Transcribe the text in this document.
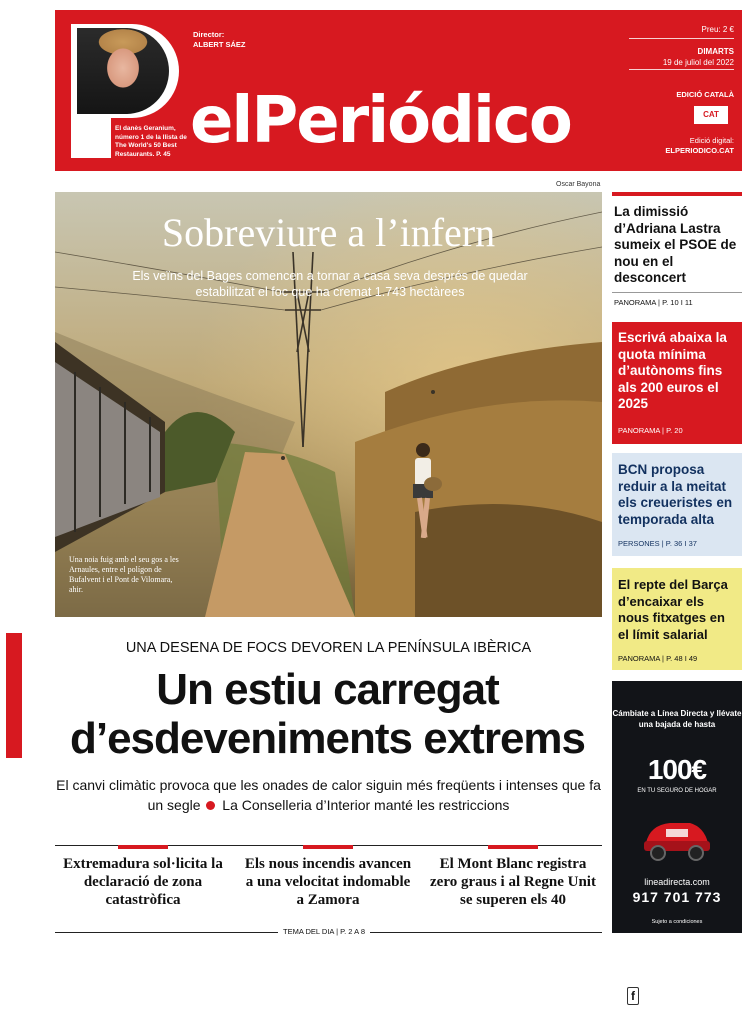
El danès Geranium, número 1 de la llista de The World's 50 Best Restaurants. P. 45
Director:
ALBERT SÁEZ
elPeriódico
Preu: 2 €
DIMARTS
19 de juliol del 2022
EDICIÓ CATALÀ
CAT
Edició digital:
ELPERIODICO.CAT
Oscar Bayona
Sobreviure a l’infern
Els veïns del Bages comencen a tornar a casa seva després de quedar estabilitzat el foc que ha cremat 1.743 hectàrees
Una noia fuig amb el seu gos a les Arnaules, entre el polígon de Bufalvent i el Pont de Vilomara, ahir.
La dimissió d’Adriana Lastra sumeix el PSOE de nou en el desconcert
PANORAMA | P. 10 I 11
Escrivá abaixa la quota mínima d’autònoms fins als 200 euros el 2025
PANORAMA | P. 20
BCN proposa reduir a la meitat els creueristes en temporada alta
PERSONES | P. 36 I 37
El repte del Barça d’encaixar els nous fitxatges en el límit salarial
PANORAMA | P. 48 I 49
Cámbiate a Línea Directa y llévate una bajada de hasta
100€
EN TU SEGURO DE HOGAR
lineadirecta.com
917 701 773
Sujeto a condiciones
UNA DESENA DE FOCS DEVOREN LA PENÍNSULA IBÈRICA
Un estiu carregat
d’esdeveniments extrems
El canvi climàtic provoca que les onades de calor siguin més freqüents i intenses que fa un segle La Conselleria d’Interior manté les restriccions
Extremadura sol·licita la declaració de zona catastròfica
Els nous incendis avancen a una velocitat indomable a Zamora
El Mont Blanc registra zero graus i al Regne Unit se superen els 40
TEMA DEL DIA | P. 2 A 8
f
